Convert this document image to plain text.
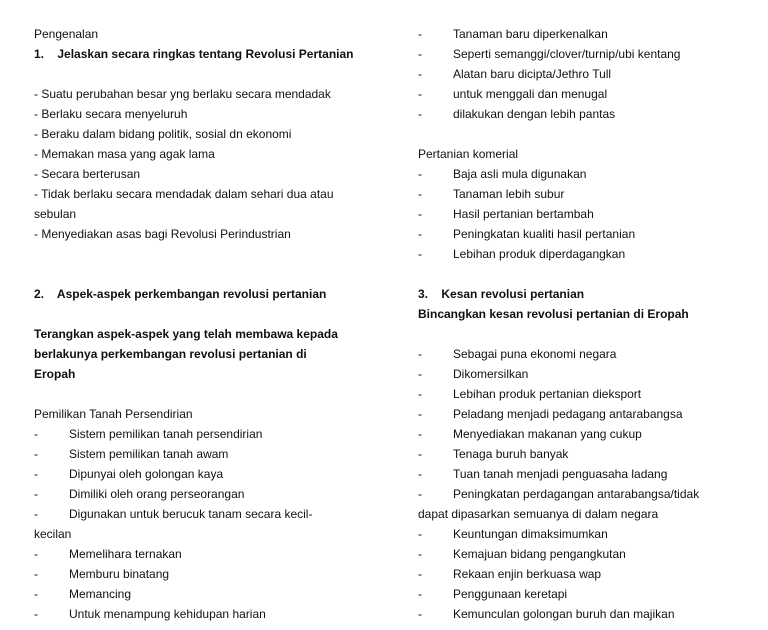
Pengenalan
1. Jelaskan secara ringkas tentang Revolusi Pertanian
- Suatu perubahan besar yng berlaku secara mendadak
- Berlaku secara menyeluruh
- Beraku dalam bidang politik, sosial dn ekonomi
- Memakan masa yang agak lama
- Secara berterusan
- Tidak berlaku secara mendadak dalam sehari dua atau
sebulan
- Menyediakan asas bagi Revolusi Perindustrian
2. Aspek-aspek perkembangan revolusi pertanian
Terangkan aspek-aspek yang telah membawa kepada
berlakunya perkembangan revolusi pertanian di
Eropah
Pemilikan Tanah Persendirian
-	Sistem pemilikan tanah persendirian
-	Sistem pemilikan tanah awam
-	Dipunyai oleh golongan kaya
-	Dimiliki oleh orang perseorangan
-	Digunakan untuk berucuk tanam secara kecil-
kecilan
-	Memelihara ternakan
-	Memburu binatang
-	Memancing
-	Untuk menampung kehidupan harian
-	Tanaman baru diperkenalkan
-	Seperti semanggi/clover/turnip/ubi kentang
-	Alatan baru dicipta/Jethro Tull
-	untuk menggali dan menugal
-	dilakukan dengan lebih pantas
Pertanian komerial
-	Baja asli mula digunakan
-	Tanaman lebih subur
-	Hasil pertanian bertambah
-	Peningkatan kualiti hasil pertanian
-	Lebihan produk diperdagangkan
3. Kesan revolusi pertanian
Bincangkan kesan revolusi pertanian di Eropah
-	Sebagai puna ekonomi negara
-	Dikomersilkan
-	Lebihan produk pertanian dieksport
-	Peladang menjadi pedagang antarabangsa
-	Menyediakan makanan yang cukup
-	Tenaga buruh banyak
-	Tuan tanah menjadi penguasaha ladang
-	Peningkatan perdagangan antarabangsa/tidak
dapat dipasarkan semuanya di dalam negara
-	Keuntungan dimaksimumkan
-	Kemajuan bidang pengangkutan
-	Rekaan enjin berkuasa wap
-	Penggunaan keretapi
-	Kemunculan golongan buruh dan majikan
